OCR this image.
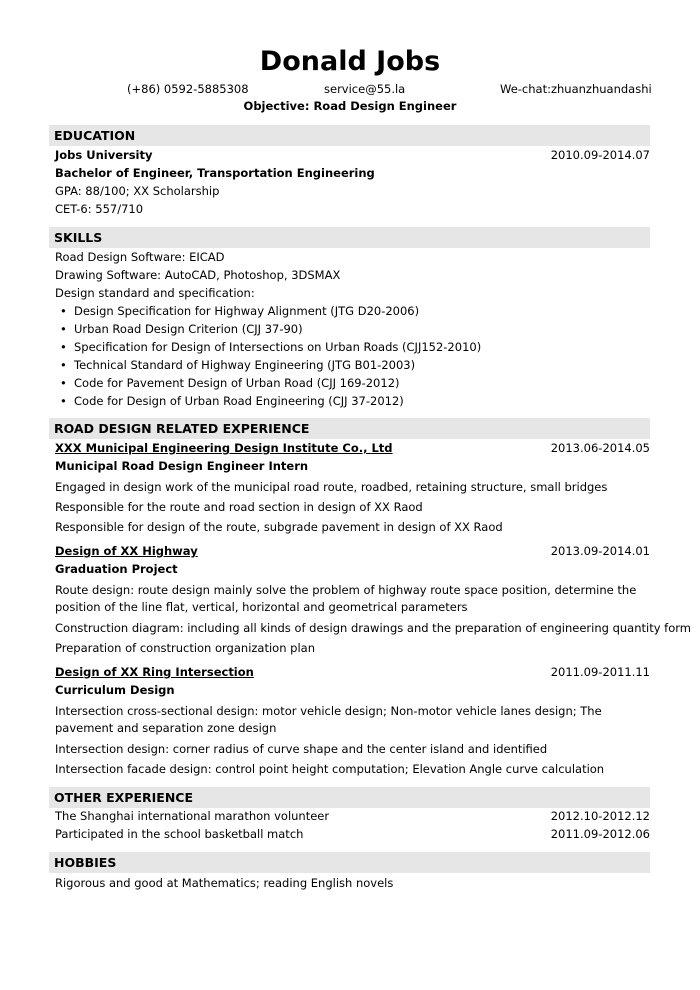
Donald Jobs
(+86) 0592-5885308	service@55.la	We-chat:zhuanzhuandashi
Objective: Road Design Engineer
EDUCATION
Jobs University	2010.09-2014.07
Bachelor of Engineer, Transportation Engineering
GPA: 88/100; XX Scholarship
CET-6: 557/710
SKILLS
Road Design Software: EICAD
Drawing Software: AutoCAD, Photoshop, 3DSMAX
Design standard and specification:
• Design Specification for Highway Alignment (JTG D20-2006)
• Urban Road Design Criterion (CJJ 37-90)
• Specification for Design of Intersections on Urban Roads (CJJ152-2010)
• Technical Standard of Highway Engineering (JTG B01-2003)
• Code for Pavement Design of Urban Road (CJJ 169-2012)
• Code for Design of Urban Road Engineering (CJJ 37-2012)
ROAD DESIGN RELATED EXPERIENCE
XXX Municipal Engineering Design Institute Co., Ltd	2013.06-2014.05
Municipal Road Design Engineer Intern
Engaged in design work of the municipal road route, roadbed, retaining structure, small bridges
Responsible for the route and road section in design of XX Raod
Responsible for design of the route, subgrade pavement in design of XX Raod
Design of XX Highway	2013.09-2014.01
Graduation Project
Route design: route design mainly solve the problem of highway route space position, determine the position of the line flat, vertical, horizontal and geometrical parameters
Construction diagram: including all kinds of design drawings and the preparation of engineering quantity form
Preparation of construction organization plan
Design of XX Ring Intersection	2011.09-2011.11
Curriculum Design
Intersection cross-sectional design: motor vehicle design; Non-motor vehicle lanes design; The pavement and separation zone design
Intersection design: corner radius of curve shape and the center island and identified
Intersection facade design: control point height computation; Elevation Angle curve calculation
OTHER EXPERIENCE
The Shanghai international marathon volunteer	2012.10-2012.12
Participated in the school basketball match	2011.09-2012.06
HOBBIES
Rigorous and good at Mathematics; reading English novels
